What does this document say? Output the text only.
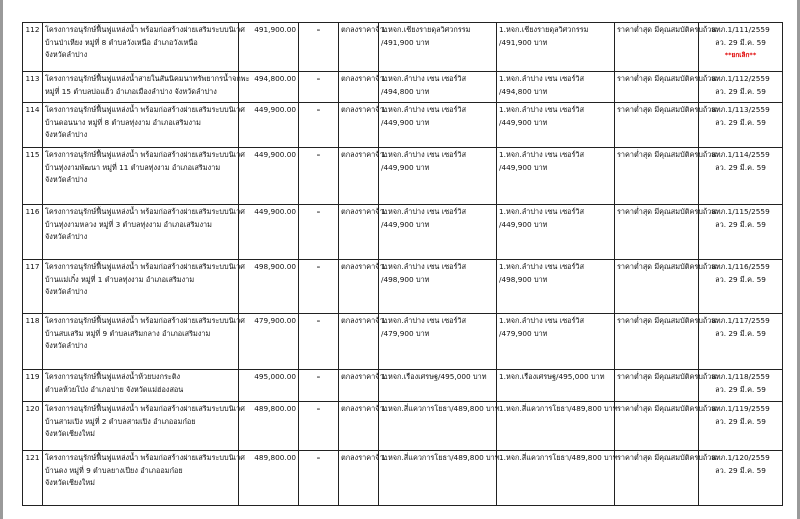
112	โครงการอนุรักษ์ฟื้นฟูแหล่งน้ำ พร้อมก่อสร้างฝายเสริมระบบนิเวศ
บ้านป่าเหียง หมู่ที่ 8 ตำบลวังเหนือ อำเภอวังเหนือ
จังหวัดลำปาง	491,900.00	–	ตกลงราคาจ้าง	1.หจก.เชียงรายดุลวิศวกรรม
/491,900 บาท	1.หจก.เชียงรายดุลวิศวกรรม
/491,900 บาท	ราคาต่ำสุด มีคุณสมบัติครบถ้วน	สทภ.1/111/2559
ลว. 29 มี.ค. 59
**ยกเลิก**

113	โครงการอนุรักษ์ฟื้นฟูแหล่งน้ำสายในสันนิคมนาทรัพยากรน้ำจกพะ
หมู่ที่ 15 ตำบลบ่อแฮ้ว อำเภอเมืองลำปาง จังหวัดลำปาง	494,800.00	–	ตกลงราคาจ้าง	1.หจก.ลำปาง เซน เซอร์วิส
/494,800 บาท	1.หจก.ลำปาง เซน เซอร์วิส
/494,800 บาท	ราคาต่ำสุด มีคุณสมบัติครบถ้วน	สทภ.1/112/2559
ลว. 29 มี.ค. 59

114	โครงการอนุรักษ์ฟื้นฟูแหล่งน้ำ พร้อมก่อสร้างฝายเสริมระบบนิเวศ
บ้านดอนนาง หมู่ที่ 8 ตำบลทุ่งงาม อำเภอเสริมงาม
จังหวัดลำปาง	449,900.00	–	ตกลงราคาจ้าง	1.หจก.ลำปาง เซน เซอร์วิส
/449,900 บาท	1.หจก.ลำปาง เซน เซอร์วิส
/449,900 บาท	ราคาต่ำสุด มีคุณสมบัติครบถ้วน	สทภ.1/113/2559
ลว. 29 มี.ค. 59

115	โครงการอนุรักษ์ฟื้นฟูแหล่งน้ำ พร้อมก่อสร้างฝายเสริมระบบนิเวศ
บ้านทุ่งงามพัฒนา หมู่ที่ 11 ตำบลทุ่งงาม อำเภอเสริมงาม
จังหวัดลำปาง	449,900.00	–	ตกลงราคาจ้าง	1.หจก.ลำปาง เซน เซอร์วิส
/449,900 บาท	1.หจก.ลำปาง เซน เซอร์วิส
/449,900 บาท	ราคาต่ำสุด มีคุณสมบัติครบถ้วน	สทภ.1/114/2559
ลว. 29 มี.ค. 59

116	โครงการอนุรักษ์ฟื้นฟูแหล่งน้ำ พร้อมก่อสร้างฝายเสริมระบบนิเวศ
บ้านทุ่งงามหลวง หมู่ที่ 3 ตำบลทุ่งงาม อำเภอเสริมงาม
จังหวัดลำปาง	449,900.00	–	ตกลงราคาจ้าง	1.หจก.ลำปาง เซน เซอร์วิส
/449,900 บาท	1.หจก.ลำปาง เซน เซอร์วิส
/449,900 บาท	ราคาต่ำสุด มีคุณสมบัติครบถ้วน	สทภ.1/115/2559
ลว. 29 มี.ค. 59

117	โครงการอนุรักษ์ฟื้นฟูแหล่งน้ำ พร้อมก่อสร้างฝายเสริมระบบนิเวศ
บ้านแม่เกิ๋ง หมู่ที่ 1 ตำบลทุ่งงาม อำเภอเสริมงาม
จังหวัดลำปาง	498,900.00	–	ตกลงราคาจ้าง	1.หจก.ลำปาง เซน เซอร์วิส
/498,900 บาท	1.หจก.ลำปาง เซน เซอร์วิส
/498,900 บาท	ราคาต่ำสุด มีคุณสมบัติครบถ้วน	สทภ.1/116/2559
ลว. 29 มี.ค. 59

118	โครงการอนุรักษ์ฟื้นฟูแหล่งน้ำ พร้อมก่อสร้างฝายเสริมระบบนิเวศ
บ้านสบเสริม หมู่ที่ 9 ตำบลเสริมกลาง อำเภอเสริมงาม
จังหวัดลำปาง	479,900.00	–	ตกลงราคาจ้าง	1.หจก.ลำปาง เซน เซอร์วิส
/479,900 บาท	1.หจก.ลำปาง เซน เซอร์วิส
/479,900 บาท	ราคาต่ำสุด มีคุณสมบัติครบถ้วน	สทภ.1/117/2559
ลว. 29 มี.ค. 59

119	โครงการอนุรักษ์ฟื้นฟูแหล่งน้ำห้วยบงกระติง
ตำบลห้วยโป่ง อำเภอปาย จังหวัดแม่ฮ่องสอน	495,000.00	–	ตกลงราคาจ้าง	1.หจก.เรืองเศรษฐ/495,000 บาท	1.หจก.เรืองเศรษฐ/495,000 บาท	ราคาต่ำสุด มีคุณสมบัติครบถ้วน	สทภ.1/118/2559
ลว. 29 มี.ค. 59

120	โครงการอนุรักษ์ฟื้นฟูแหล่งน้ำ พร้อมก่อสร้างฝายเสริมระบบนิเวศ
บ้านสามเปิง หมู่ที่ 2 ตำบลสามเปิง อำเภออมก๋อย
จังหวัดเชียงใหม่	489,800.00	–	ตกลงราคาจ้าง	1.หจก.สี่แควการโยธา/489,800 บาท	1.หจก.สี่แควการโยธา/489,800 บาท	ราคาต่ำสุด มีคุณสมบัติครบถ้วน	สทภ.1/119/2559
ลว. 29 มี.ค. 59

121	โครงการอนุรักษ์ฟื้นฟูแหล่งน้ำ พร้อมก่อสร้างฝายเสริมระบบนิเวศ
บ้านดง หมู่ที่ 9 ตำบลยางเปียง อำเภออมก๋อย
จังหวัดเชียงใหม่	489,800.00	–	ตกลงราคาจ้าง	1.หจก.สี่แควการโยธา/489,800 บาท	1.หจก.สี่แควการโยธา/489,800 บาท	ราคาต่ำสุด มีคุณสมบัติครบถ้วน	สทภ.1/120/2559
ลว. 29 มี.ค. 59
